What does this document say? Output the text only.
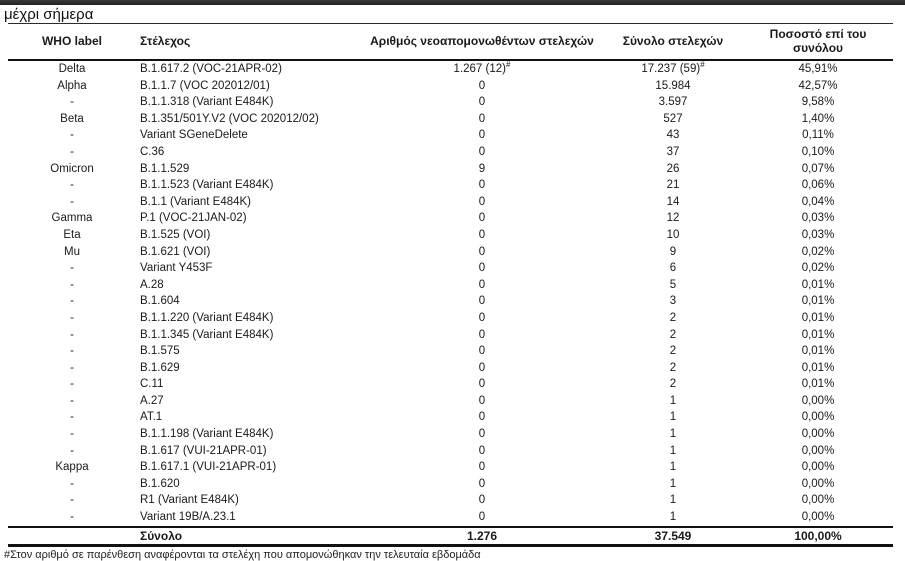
μέχρι σήμερα
WHO label	Στέλεχος	Αριθμός νεοαπομονωθέντων στελεχών	Σύνολο στελεχών	Ποσοστό επί του συνόλου
Delta	B.1.617.2 (VOC-21APR-02)	1.267 (12)#	17.237 (59)#	45,91%
Alpha	B.1.1.7 (VOC 202012/01)	0	15.984	42,57%
-	B.1.1.318 (Variant E484K)	0	3.597	9,58%
Beta	B.1.351/501Y.V2 (VOC 202012/02)	0	527	1,40%
-	Variant SGeneDelete	0	43	0,11%
-	C.36	0	37	0,10%
Omicron	B.1.1.529	9	26	0,07%
-	B.1.1.523 (Variant E484K)	0	21	0,06%
-	B.1.1 (Variant E484K)	0	14	0,04%
Gamma	P.1 (VOC-21JAN-02)	0	12	0,03%
Eta	B.1.525 (VOI)	0	10	0,03%
Mu	B.1.621 (VOI)	0	9	0,02%
-	Variant Y453F	0	6	0,02%
-	A.28	0	5	0,01%
-	B.1.604	0	3	0,01%
-	B.1.1.220 (Variant E484K)	0	2	0,01%
-	B.1.1.345 (Variant E484K)	0	2	0,01%
-	B.1.575	0	2	0,01%
-	B.1.629	0	2	0,01%
-	C.11	0	2	0,01%
-	A.27	0	1	0,00%
-	AT.1	0	1	0,00%
-	B.1.1.198 (Variant E484K)	0	1	0,00%
-	B.1.617 (VUI-21APR-01)	0	1	0,00%
Kappa	B.1.617.1 (VUI-21APR-01)	0	1	0,00%
-	B.1.620	0	1	0,00%
-	R1 (Variant E484K)	0	1	0,00%
-	Variant 19B/A.23.1	0	1	0,00%
	Σύνολο	1.276	37.549	100,00%
#Στον αριθμό σε παρένθεση αναφέρονται τα στελέχη που απομονώθηκαν την τελευταία εβδομάδα
